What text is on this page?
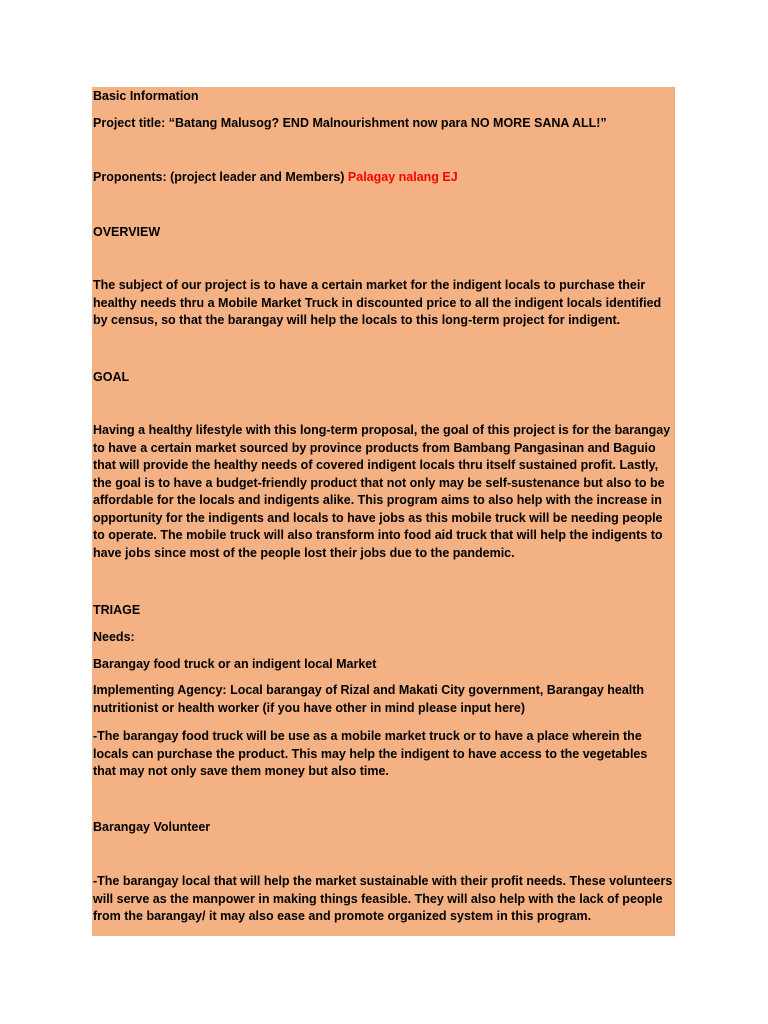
Basic Information
Project title: “Batang Malusog? END Malnourishment now para NO MORE SANA ALL!”
Proponents: (project leader and Members) Palagay nalang EJ
OVERVIEW
The subject of our project is to have a certain market for the indigent locals to purchase their healthy needs thru a Mobile Market Truck in discounted price to all the indigent locals identified by census, so that the barangay will help the locals to this long-term project for indigent.
GOAL
Having a healthy lifestyle with this long-term proposal, the goal of this project is for the barangay to have a certain market sourced by province products from Bambang Pangasinan and Baguio that will provide the healthy needs of covered indigent locals thru itself sustained profit. Lastly, the goal is to have a budget-friendly product that not only may be self-sustenance but also to be affordable for the locals and indigents alike. This program aims to also help with the increase in opportunity for the indigents and locals to have jobs as this mobile truck will be needing people to operate. The mobile truck will also transform into food aid truck that will help the indigents to have jobs since most of the people lost their jobs due to the pandemic.
TRIAGE
Needs:
Barangay food truck or an indigent local Market
Implementing Agency: Local barangay of Rizal and Makati City government, Barangay health nutritionist or health worker (if you have other in mind please input here)
-The barangay food truck will be use as a mobile market truck or to have a place wherein the locals can purchase the product. This may help the indigent to have access to the vegetables that may not only save them money but also time.
Barangay Volunteer
-The barangay local that will help the market sustainable with their profit needs. These volunteers will serve as the manpower in making things feasible. They will also help with the lack of people from the barangay/ it may also ease and promote organized system in this program.
